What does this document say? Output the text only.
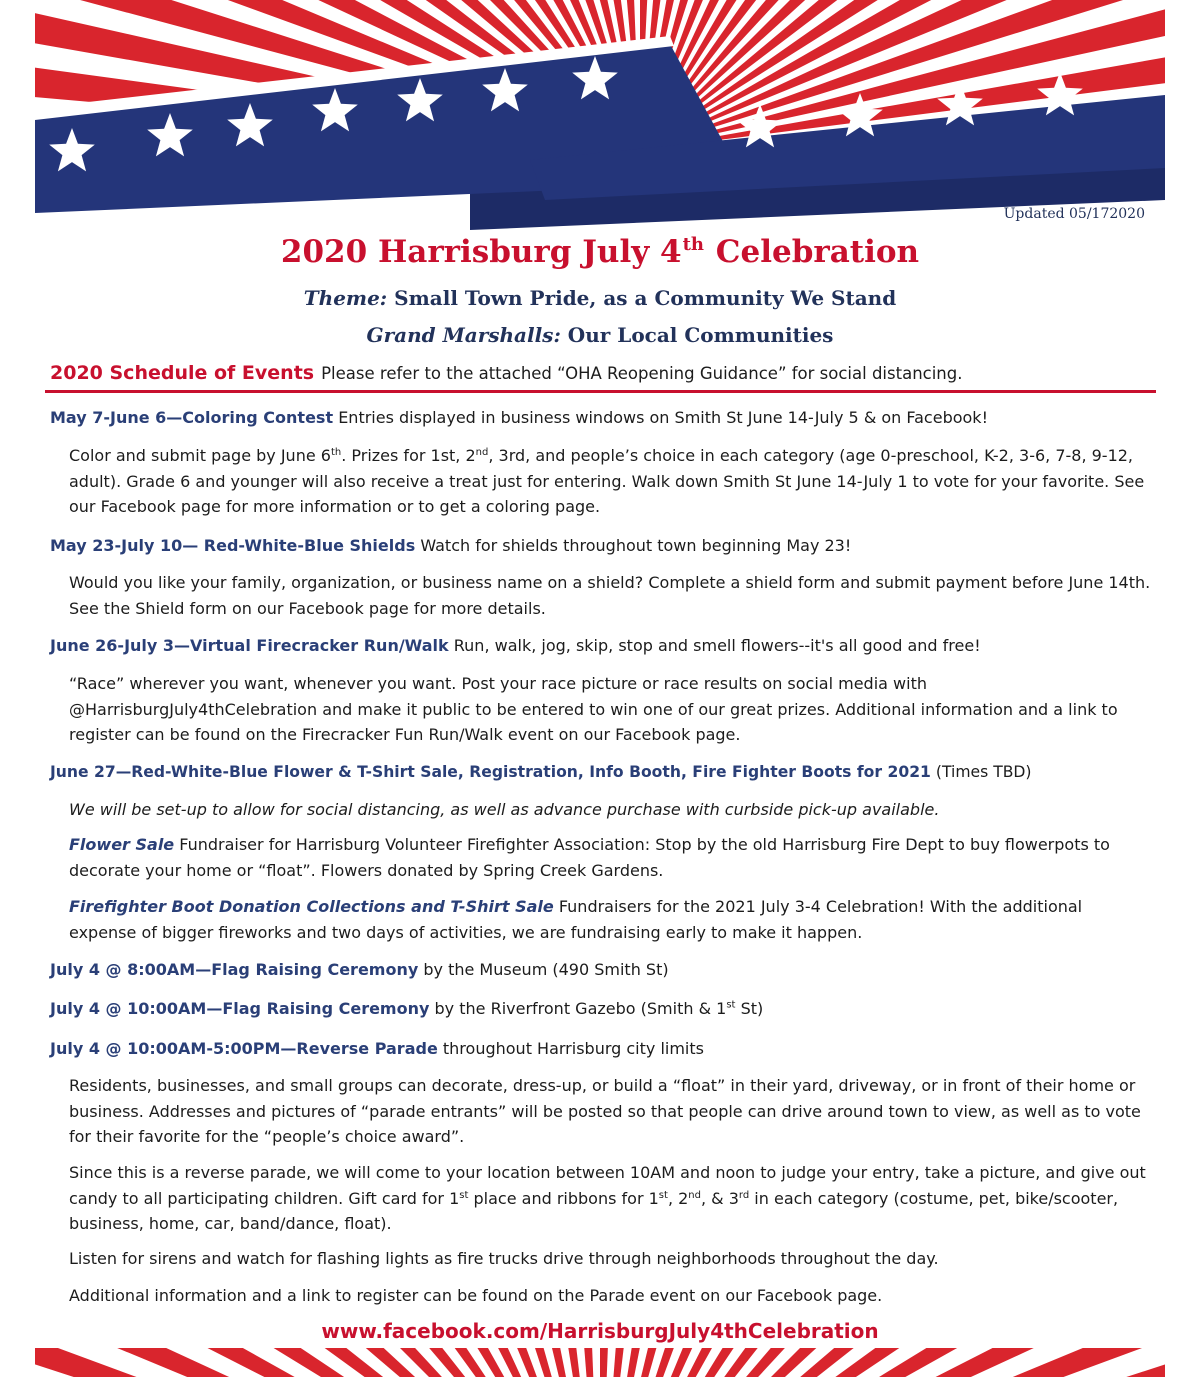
Updated 05/172020
2020 Harrisburg July 4th Celebration
Theme: Small Town Pride, as a Community We Stand
Grand Marshalls: Our Local Communities
2020 Schedule of Events Please refer to the attached “OHA Reopening Guidance” for social distancing.
May 7-June 6—Coloring Contest Entries displayed in business windows on Smith St June 14-July 5 & on Facebook!
Color and submit page by June 6th. Prizes for 1st, 2nd, 3rd, and people’s choice in each category (age 0-preschool, K-2, 3-6, 7-8, 9-12, adult). Grade 6 and younger will also receive a treat just for entering. Walk down Smith St June 14-July 1 to vote for your favorite. See our Facebook page for more information or to get a coloring page.
May 23-July 10— Red-White-Blue Shields Watch for shields throughout town beginning May 23!
Would you like your family, organization, or business name on a shield? Complete a shield form and submit payment before June 14th. See the Shield form on our Facebook page for more details.
June 26-July 3—Virtual Firecracker Run/Walk Run, walk, jog, skip, stop and smell flowers--it's all good and free!
“Race” wherever you want, whenever you want. Post your race picture or race results on social media with @HarrisburgJuly4thCelebration and make it public to be entered to win one of our great prizes. Additional information and a link to register can be found on the Firecracker Fun Run/Walk event on our Facebook page.
June 27—Red-White-Blue Flower & T-Shirt Sale, Registration, Info Booth, Fire Fighter Boots for 2021 (Times TBD)
We will be set-up to allow for social distancing, as well as advance purchase with curbside pick-up available.
Flower Sale Fundraiser for Harrisburg Volunteer Firefighter Association: Stop by the old Harrisburg Fire Dept to buy flowerpots to decorate your home or “float”. Flowers donated by Spring Creek Gardens.
Firefighter Boot Donation Collections and T-Shirt Sale Fundraisers for the 2021 July 3-4 Celebration! With the additional expense of bigger fireworks and two days of activities, we are fundraising early to make it happen.
July 4 @ 8:00AM—Flag Raising Ceremony by the Museum (490 Smith St)
July 4 @ 10:00AM—Flag Raising Ceremony by the Riverfront Gazebo (Smith & 1st St)
July 4 @ 10:00AM-5:00PM—Reverse Parade throughout Harrisburg city limits
Residents, businesses, and small groups can decorate, dress-up, or build a “float” in their yard, driveway, or in front of their home or business. Addresses and pictures of “parade entrants” will be posted so that people can drive around town to view, as well as to vote for their favorite for the “people’s choice award”.
Since this is a reverse parade, we will come to your location between 10AM and noon to judge your entry, take a picture, and give out candy to all participating children. Gift card for 1st place and ribbons for 1st, 2nd, & 3rd in each category (costume, pet, bike/scooter, business, home, car, band/dance, float).
Listen for sirens and watch for flashing lights as fire trucks drive through neighborhoods throughout the day.
Additional information and a link to register can be found on the Parade event on our Facebook page.
www.facebook.com/HarrisburgJuly4thCelebration
